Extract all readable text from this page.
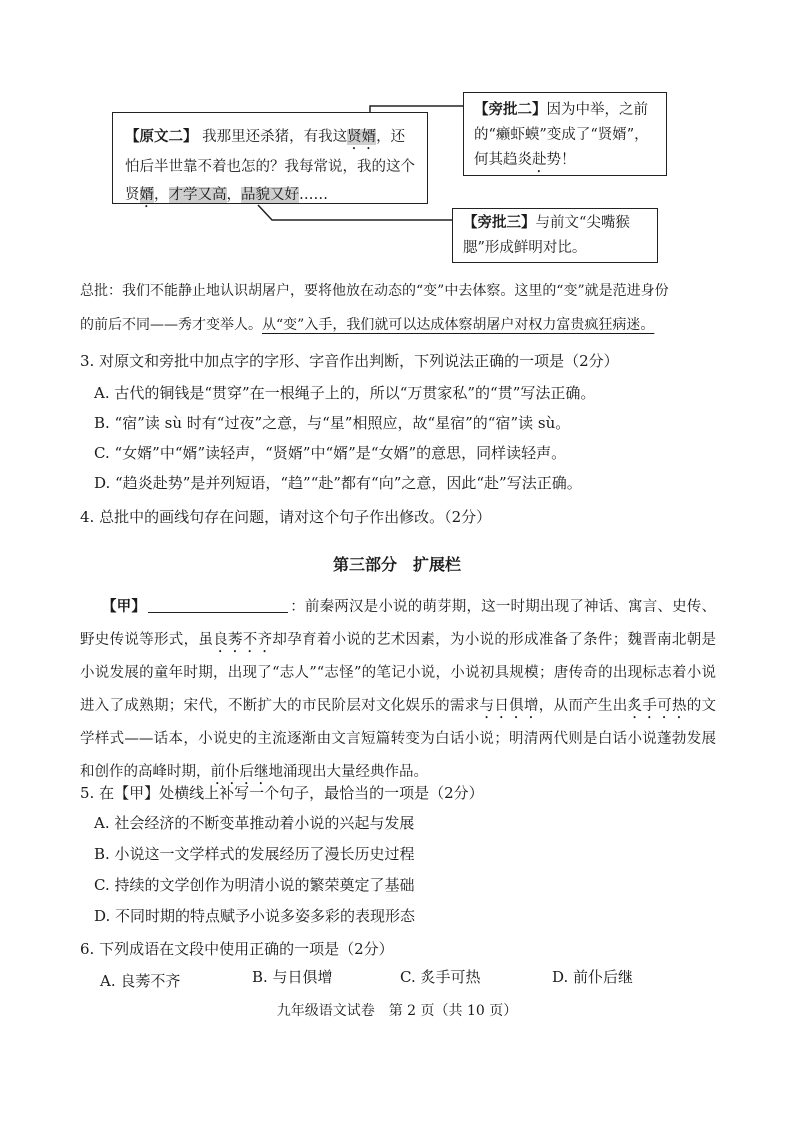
【原文二】 我那里还杀猪，有我这贤婿，还怕后半世靠不着也怎的？我每常说，我的这个贤婿，才学又高，品貌又好……
【旁批二】因为中举，之前的“癞虾蟆”变成了“贤婿”，何其趋炎赴势！
【旁批三】与前文“尖嘴猴腮”形成鲜明对比。
总批：我们不能静止地认识胡屠户，要将他放在动态的“变”中去体察。这里的“变”就是范进身份
的前后不同——秀才变举人。从“变”入手，我们就可以达成体察胡屠户对权力富贵疯狂病迷。
3. 对原文和旁批中加点字的字形、字音作出判断，下列说法正确的一项是（2分）
A. 古代的铜钱是“贯穿”在一根绳子上的，所以“万贯家私”的“贯”写法正确。
B. “宿”读 sù 时有“过夜”之意，与“星”相照应，故“星宿”的“宿”读 sù。
C. “女婿”中“婿”读轻声，“贤婿”中“婿”是“女婿”的意思，同样读轻声。
D. “趋炎赴势”是并列短语，“趋”“赴”都有“向”之意，因此“赴”写法正确。
4. 总批中的画线句存在问题，请对这个句子作出修改。（2分）
第三部分　扩展栏
【甲】	：前秦两汉是小说的萌芽期，这一时期出现了神话、寓言、史传、野史传说等形式，虽良莠不齐却孕育着小说的艺术因素，为小说的形成准备了条件；魏晋南北朝是小说发展的童年时期，出现了“志人”“志怪”的笔记小说，小说初具规模；唐传奇的出现标志着小说进入了成熟期；宋代，不断扩大的市民阶层对文化娱乐的需求与日俱增，从而产生出炙手可热的文学样式——话本，小说史的主流逐渐由文言短篇转变为白话小说；明清两代则是白话小说蓬勃发展和创作的高峰时期，前仆后继地涌现出大量经典作品。
5. 在【甲】处横线上补写一个句子，最恰当的一项是（2分）
A. 社会经济的不断变革推动着小说的兴起与发展
B. 小说这一文学样式的发展经历了漫长历史过程
C. 持续的文学创作为明清小说的繁荣奠定了基础
D. 不同时期的特点赋予小说多姿多彩的表现形态
6. 下列成语在文段中使用正确的一项是（2分）
A. 良莠不齐	B. 与日俱增	C. 炙手可热	D. 前仆后继
九年级语文试卷　第 2 页（共 10 页）
